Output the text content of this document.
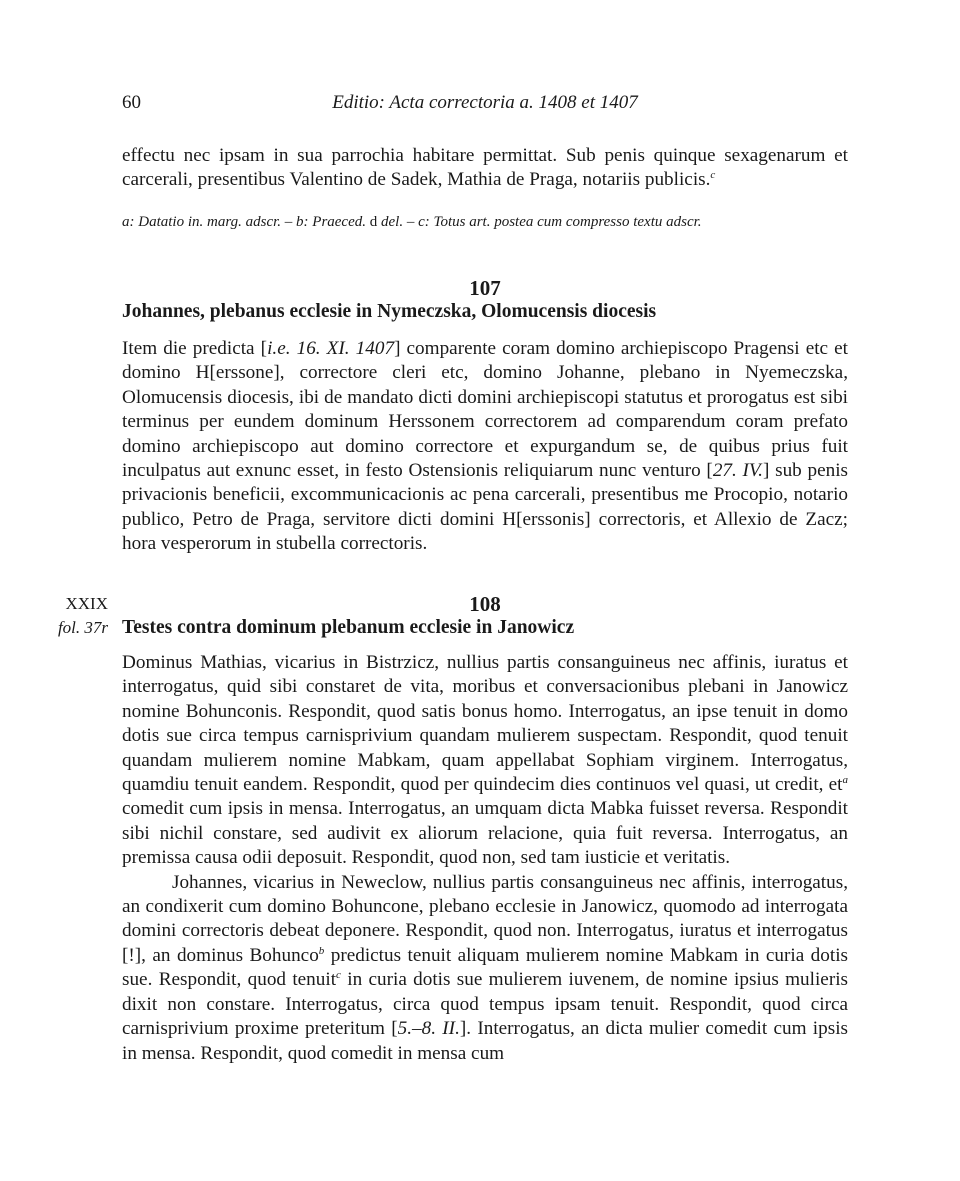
60	Editio: Acta correctoria a. 1408 et 1407

effectu nec ipsam in sua parrochia habitare permittat. Sub penis quinque sexagenarum et carcerali, presentibus Valentino de Sadek, Mathia de Praga, notariis publicis.$^c$

a: Datatio in. marg. adscr. – b: Praeced. d del. – c: Totus art. postea cum compresso textu adscr.
107
Johannes, plebanus ecclesie in Nymeczska, Olomucensis diocesis

Item die predicta [i.e. 16. XI. 1407] comparente coram domino archiepiscopo Pragensi etc et domino H[erssone], correctore cleri etc, domino Johanne, plebano in Nyemeczska, Olomucensis diocesis, ibi de mandato dicti domini archiepiscopi statutus et prorogatus est sibi terminus per eundem dominum Herssonem correctorem ad comparendum coram prefato domino archiepiscopo aut domino correctore et expurgandum se, de quibus prius fuit inculpatus aut exnunc esset, in festo Ostensionis reliquiarum nunc venturo [27. IV.] sub penis privacionis beneficii, excommunicacionis ac pena carcerali, presentibus me Procopio, notario publico, Petro de Praga, servitore dicti domini H[erssonis] correctoris, et Allexio de Zacz; hora vesperorum in stubella correctoris.

XXIX
fol. 37r
108
Testes contra dominum plebanum ecclesie in Janowicz

Dominus Mathias, vicarius in Bistrzicz, nullius partis consanguineus nec affinis, iuratus et interrogatus, quid sibi constaret de vita, moribus et conversacionibus plebani in Janowicz nomine Bohunconis. Respondit, quod satis bonus homo. Interrogatus, an ipse tenuit in domo dotis sue circa tempus carnisprivium quandam mulierem suspectam. Respondit, quod tenuit quandam mulierem nomine Mabkam, quam appellabat Sophiam virginem. Interrogatus, quamdiu tenuit eandem. Respondit, quod per quindecim dies continuos vel quasi, ut credit, $et^a$ comedit cum ipsis in mensa. Interrogatus, an umquam dicta Mabka fuisset reversa. Respondit sibi nichil constare, sed audivit ex aliorum relacione, quia fuit reversa. Interrogatus, an premissa causa odii deposuit. Respondit, quod non, sed tam iusticie et veritatis.

Johannes, vicarius in Neweclow, nullius partis consanguineus nec affinis, interrogatus, an condixerit cum domino Bohuncone, plebano ecclesie in Janowicz, quomodo ad interrogata domini correctoris debeat deponere. Respondit, quod non. Interrogatus, iuratus et interrogatus [!], an dominus Bohunco$^b$ predictus tenuit aliquam mulierem nomine Mabkam in curia dotis sue. Respondit, quod tenuit$^c$ in curia dotis sue mulierem iuvenem, de nomine ipsius mulieris dixit non constare. Interrogatus, circa quod tempus ipsam tenuit. Respondit, quod circa carnisprivium proxime preteritum [5.–8. II.]. Interrogatus, an dicta mulier comedit cum ipsis in mensa. Respondit, quod comedit in mensa cum
